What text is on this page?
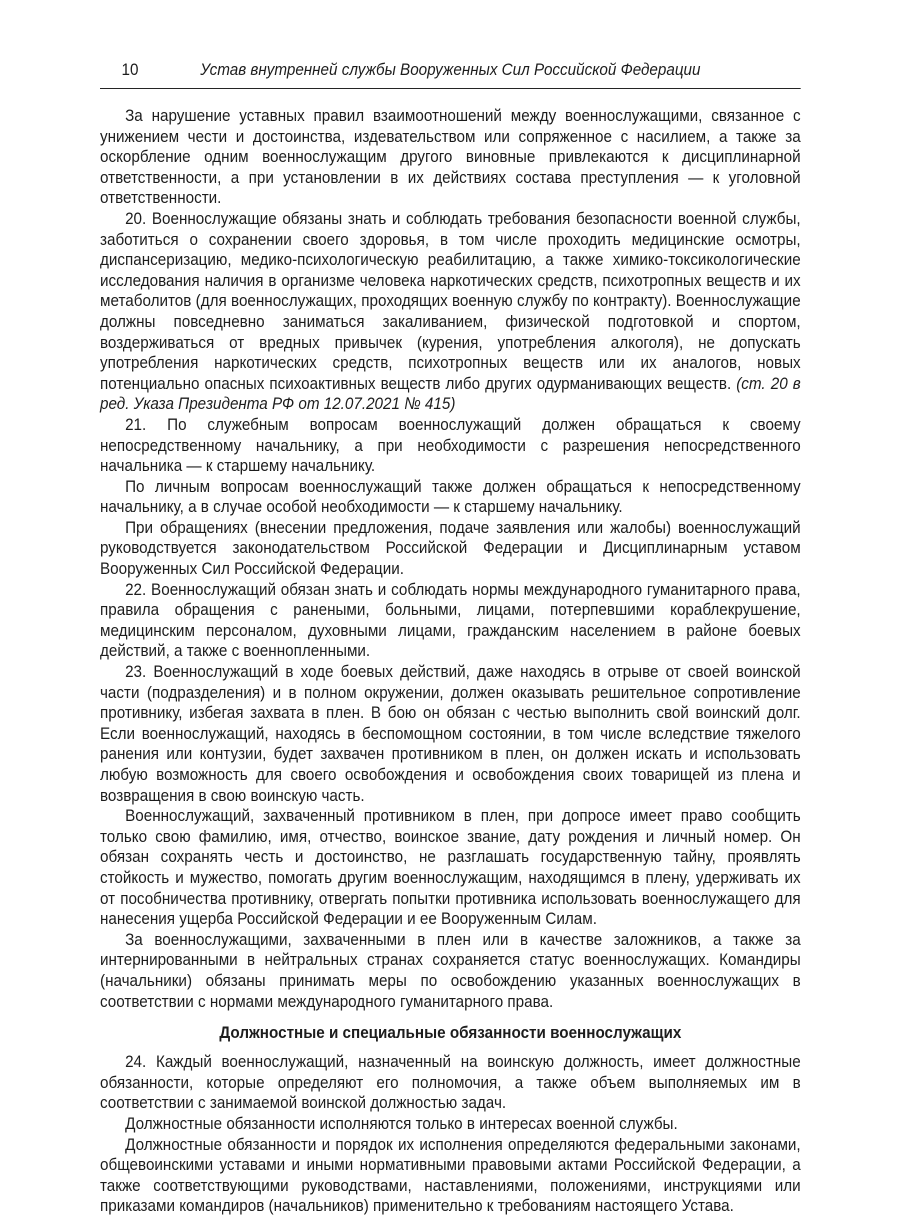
10	Устав внутренней службы Вооруженных Сил Российской Федерации

За нарушение уставных правил взаимоотношений между военнослужащими, связанное с унижением чести и достоинства, издевательством или сопряженное с насилием, а также за оскорбление одним военнослужащим другого виновные привлекаются к дисциплинарной ответственности, а при установлении в их действиях состава преступления — к уголовной ответственности.

20. Военнослужащие обязаны знать и соблюдать требования безопасности военной службы, заботиться о сохранении своего здоровья, в том числе проходить медицинские осмотры, диспансеризацию, медико-психологическую реабилитацию, а также химико-токсикологические исследования наличия в организме человека наркотических средств, психотропных веществ и их метаболитов (для военнослужащих, проходящих военную службу по контракту). Военнослужащие должны повседневно заниматься закаливанием, физической подготовкой и спортом, воздерживаться от вредных привычек (курения, употребления алкоголя), не допускать употребления наркотических средств, психотропных веществ или их аналогов, новых потенциально опасных психоактивных веществ либо других одурманивающих веществ. (ст. 20 в ред. Указа Президента РФ от 12.07.2021 № 415)

21. По служебным вопросам военнослужащий должен обращаться к своему непосредственному начальнику, а при необходимости с разрешения непосредственного начальника — к старшему начальнику.

По личным вопросам военнослужащий также должен обращаться к непосредственному начальнику, а в случае особой необходимости — к старшему начальнику.

При обращениях (внесении предложения, подаче заявления или жалобы) военнослужащий руководствуется законодательством Российской Федерации и Дисциплинарным уставом Вооруженных Сил Российской Федерации.

22. Военнослужащий обязан знать и соблюдать нормы международного гуманитарного права, правила обращения с ранеными, больными, лицами, потерпевшими кораблекрушение, медицинским персоналом, духовными лицами, гражданским населением в районе боевых действий, а также с военнопленными.

23. Военнослужащий в ходе боевых действий, даже находясь в отрыве от своей воинской части (подразделения) и в полном окружении, должен оказывать решительное сопротивление противнику, избегая захвата в плен. В бою он обязан с честью выполнить свой воинский долг. Если военнослужащий, находясь в беспомощном состоянии, в том числе вследствие тяжелого ранения или контузии, будет захвачен противником в плен, он должен искать и использовать любую возможность для своего освобождения и освобождения своих товарищей из плена и возвращения в свою воинскую часть.

Военнослужащий, захваченный противником в плен, при допросе имеет право сообщить только свою фамилию, имя, отчество, воинское звание, дату рождения и личный номер. Он обязан сохранять честь и достоинство, не разглашать государственную тайну, проявлять стойкость и мужество, помогать другим военнослужащим, находящимся в плену, удерживать их от пособничества противнику, отвергать попытки противника использовать военнослужащего для нанесения ущерба Российской Федерации и ее Вооруженным Силам.

За военнослужащими, захваченными в плен или в качестве заложников, а также за интернированными в нейтральных странах сохраняется статус военнослужащих. Командиры (начальники) обязаны принимать меры по освобождению указанных военнослужащих в соответствии с нормами международного гуманитарного права.

Должностные и специальные обязанности военнослужащих

24. Каждый военнослужащий, назначенный на воинскую должность, имеет должностные обязанности, которые определяют его полномочия, а также объем выполняемых им в соответствии с занимаемой воинской должностью задач.

Должностные обязанности исполняются только в интересах военной службы.

Должностные обязанности и порядок их исполнения определяются федеральными законами, общевоинскими уставами и иными нормативными правовыми актами Российской Федерации, а также соответствующими руководствами, наставлениями, положениями, инструкциями или приказами командиров (начальников) применительно к требованиям настоящего Устава.
